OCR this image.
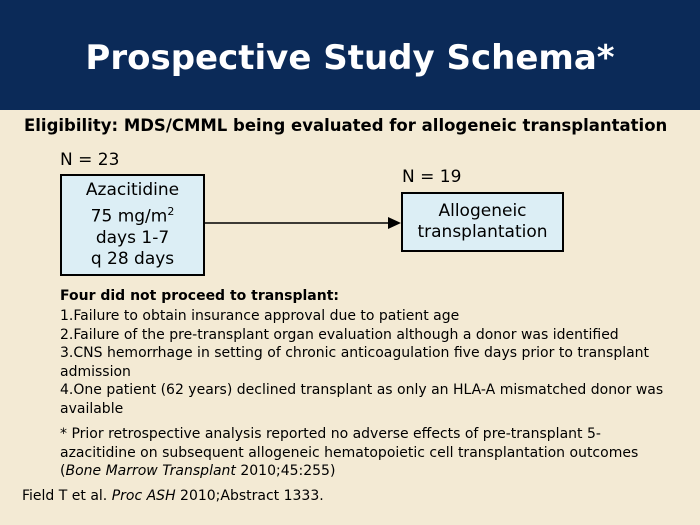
Prospective Study Schema*
Eligibility: MDS/CMML being evaluated for allogeneic transplantation
N = 23
N = 19
Azacitidine
75 $mg/m^2$
days 1-7
q 28 days
Allogeneic
transplantation
Four did not proceed to transplant:
1.Failure to obtain insurance approval due to patient age
2.Failure of the pre-transplant organ evaluation although a donor was identified
3.CNS hemorrhage in setting of chronic anticoagulation five days prior to transplant admission
4.One patient (62 years) declined transplant as only an HLA-A mismatched donor was available
* Prior retrospective analysis reported no adverse effects of pre-transplant 5-azacitidine on subsequent allogeneic hematopoietic cell transplantation outcomes (Bone Marrow Transplant 2010;45:255)
Field T et al. Proc ASH 2010;Abstract 1333.
